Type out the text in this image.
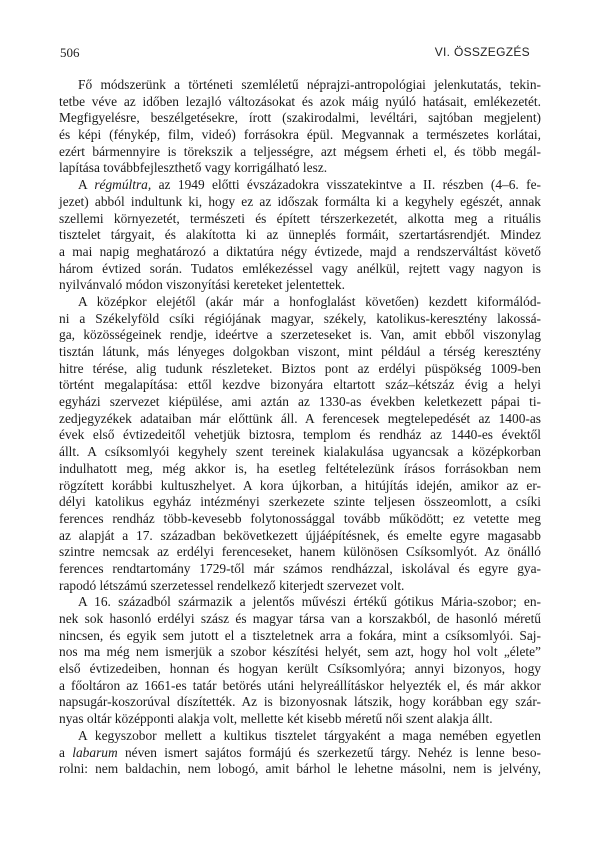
506	VI. ÖSSZEGZÉS
Fő módszerünk a történeti szemléletű néprajzi-antropológiai jelenkutatás, tekin-
tetbe véve az időben lezajló változásokat és azok máig nyúló hatásait, emlékezetét.
Megfigyelésre, beszélgetésekre, írott (szakirodalmi, levéltári, sajtóban megjelent)
és képi (fénykép, film, videó) forrásokra épül. Megvannak a természetes korlátai,
ezért bármennyire is törekszik a teljességre, azt mégsem érheti el, és több megál-
lapítása továbbfejleszthető vagy korrigálható lesz.
A régmúltra, az 1949 előtti évszázadokra visszatekintve a II. részben (4–6. fe-
jezet) abból indultunk ki, hogy ez az időszak formálta ki a kegyhely egészét, annak
szellemi környezetét, természeti és épített térszerkezetét, alkotta meg a rituális
tisztelet tárgyait, és alakította ki az ünneplés formáit, szertartásrendjét. Mindez
a mai napig meghatározó a diktatúra négy évtizede, majd a rendszerváltást követő
három évtized során. Tudatos emlékezéssel vagy anélkül, rejtett vagy nagyon is
nyilvánvaló módon viszonyítási kereteket jelentettek.
A középkor elejétől (akár már a honfoglalást követően) kezdett kiformálód-
ni a Székelyföld csíki régiójának magyar, székely, katolikus-keresztény lakossá-
ga, közösségeinek rendje, ideértve a szerzeteseket is. Van, amit ebből viszonylag
tisztán látunk, más lényeges dolgokban viszont, mint például a térség keresztény
hitre térése, alig tudunk részleteket. Biztos pont az erdélyi püspökség 1009-ben
történt megalapítása: ettől kezdve bizonyára eltartott száz–kétszáz évig a helyi
egyházi szervezet kiépülése, ami aztán az 1330-as években keletkezett pápai ti-
zedjegyzékek adataiban már előttünk áll. A ferencesek megtelepedését az 1400-as
évek első évtizedeitől vehetjük biztosra, templom és rendház az 1440-es évektől
állt. A csíksomlyói kegyhely szent tereinek kialakulása ugyancsak a középkorban
indulhatott meg, még akkor is, ha esetleg feltételezünk írásos forrásokban nem
rögzített korábbi kultuszhelyet. A kora újkorban, a hitújítás idején, amikor az er-
délyi katolikus egyház intézményi szerkezete szinte teljesen összeomlott, a csíki
ferences rendház több-kevesebb folytonossággal tovább működött; ez vetette meg
az alapját a 17. században bekövetkezett újjáépítésnek, és emelte egyre magasabb
szintre nemcsak az erdélyi ferenceseket, hanem különösen Csíksomlyót. Az önálló
ferences rendtartomány 1729-től már számos rendházzal, iskolával és egyre gya-
rapodó létszámú szerzetessel rendelkező kiterjedt szervezet volt.
A 16. századból származik a jelentős művészi értékű gótikus Mária-szobor; en-
nek sok hasonló erdélyi szász és magyar társa van a korszakból, de hasonló méretű
nincsen, és egyik sem jutott el a tiszteletnek arra a fokára, mint a csíksomlyói. Saj-
nos ma még nem ismerjük a szobor készítési helyét, sem azt, hogy hol volt „élete”
első évtizedeiben, honnan és hogyan került Csíksomlyóra; annyi bizonyos, hogy
a főoltáron az 1661-es tatár betörés utáni helyreállításkor helyezték el, és már akkor
napsugár-koszorúval díszítették. Az is bizonyosnak látszik, hogy korábban egy szár-
nyas oltár középponti alakja volt, mellette két kisebb méretű női szent alakja állt.
A kegyszobor mellett a kultikus tisztelet tárgyaként a maga nemében egyetlen
a labarum néven ismert sajátos formájú és szerkezetű tárgy. Nehéz is lenne beso-
rolni: nem baldachin, nem lobogó, amit bárhol le lehetne másolni, nem is jelvény,
